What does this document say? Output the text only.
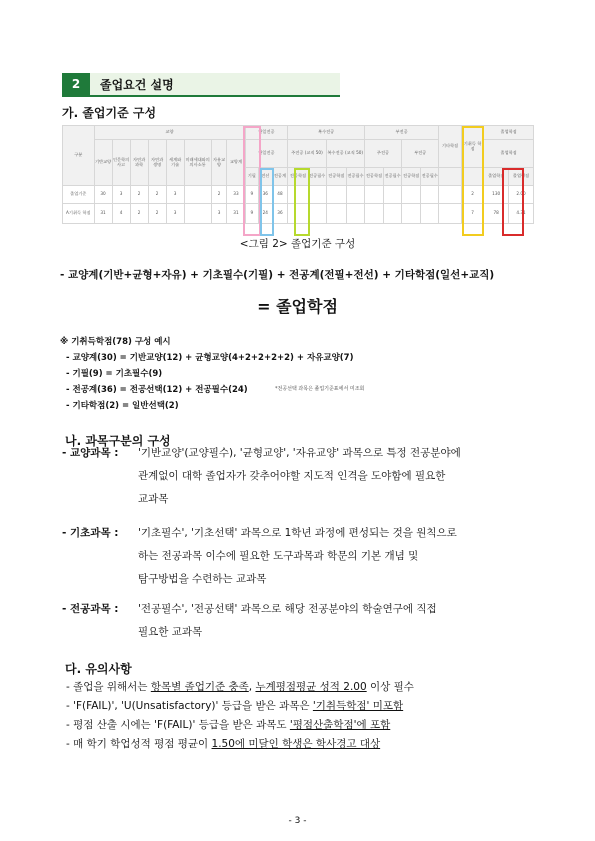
2	졸업요건 설명
가. 졸업기준 구성
구분	교양								단일전공			복수전공				부전공				기타학점	기취득 학점	졸업학점	
	기반교양	인문학의 사고	자연과 과학	자연과 생명	세계와 기술	미래세대와의 의사소통	자유교양	교양계	단일전공			주전공 (교직 50)		복수전공 (교직 50)		주전공		부전공				졸업학점	
									기필	전선	전공계	전공학점	전공필수	전공학점	전공필수	전공학점	전공필수	전공학점	전공필수			졸업학점	졸업평점
졸업기준	30	3	2	2	3		2	33	9	36	48										2	130	2.00
A기취득 학점	31	4	2	2	3		3	31	9	24	36										7	78	4.31
<그림 2> 졸업기준 구성
- 교양계(기반+균형+자유) + 기초필수(기필) + 전공계(전필+전선) + 기타학점(일선+교직)
= 졸업학점
※ 기취득학점(78) 구성 예시
- 교양계(30) = 기반교양(12) + 균형교양(4+2+2+2+2) + 자유교양(7)
- 기필(9) = 기초필수(9)
- 전공계(36) = 전공선택(12) + 전공필수(24)	*전공선택 과목은 졸업기준표에서 미조회
- 기타학점(2) = 일반선택(2)
나. 과목구분의 구성
- 교양과목 : '기반교양'(교양필수), '균형교양', '자유교양' 과목으로 특정 전공분야에
관계없이 대학 졸업자가 갖추어야할 지도적 인격을 도야함에 필요한
교과목
- 기초과목 : '기초필수', '기초선택' 과목으로 1학년 과정에 편성되는 것을 원칙으로
하는 전공과목 이수에 필요한 도구과목과 학문의 기본 개념 및
탐구방법을 수련하는 교과목
- 전공과목 : '전공필수', '전공선택' 과목으로 해당 전공분야의 학술연구에 직접
필요한 교과목
다. 유의사항
- 졸업을 위해서는 항목별 졸업기준 충족, 누계평점평균 성적 2.00 이상 필수
- 'F(FAIL)', 'U(Unsatisfactory)' 등급을 받은 과목은 '기취득학점' 미포함
- 평점 산출 시에는 'F(FAIL)' 등급을 받은 과목도 '평점산출학점'에 포함
- 매 학기 학업성적 평점 평균이 1.50에 미달인 학생은 학사경고 대상
- 3 -
